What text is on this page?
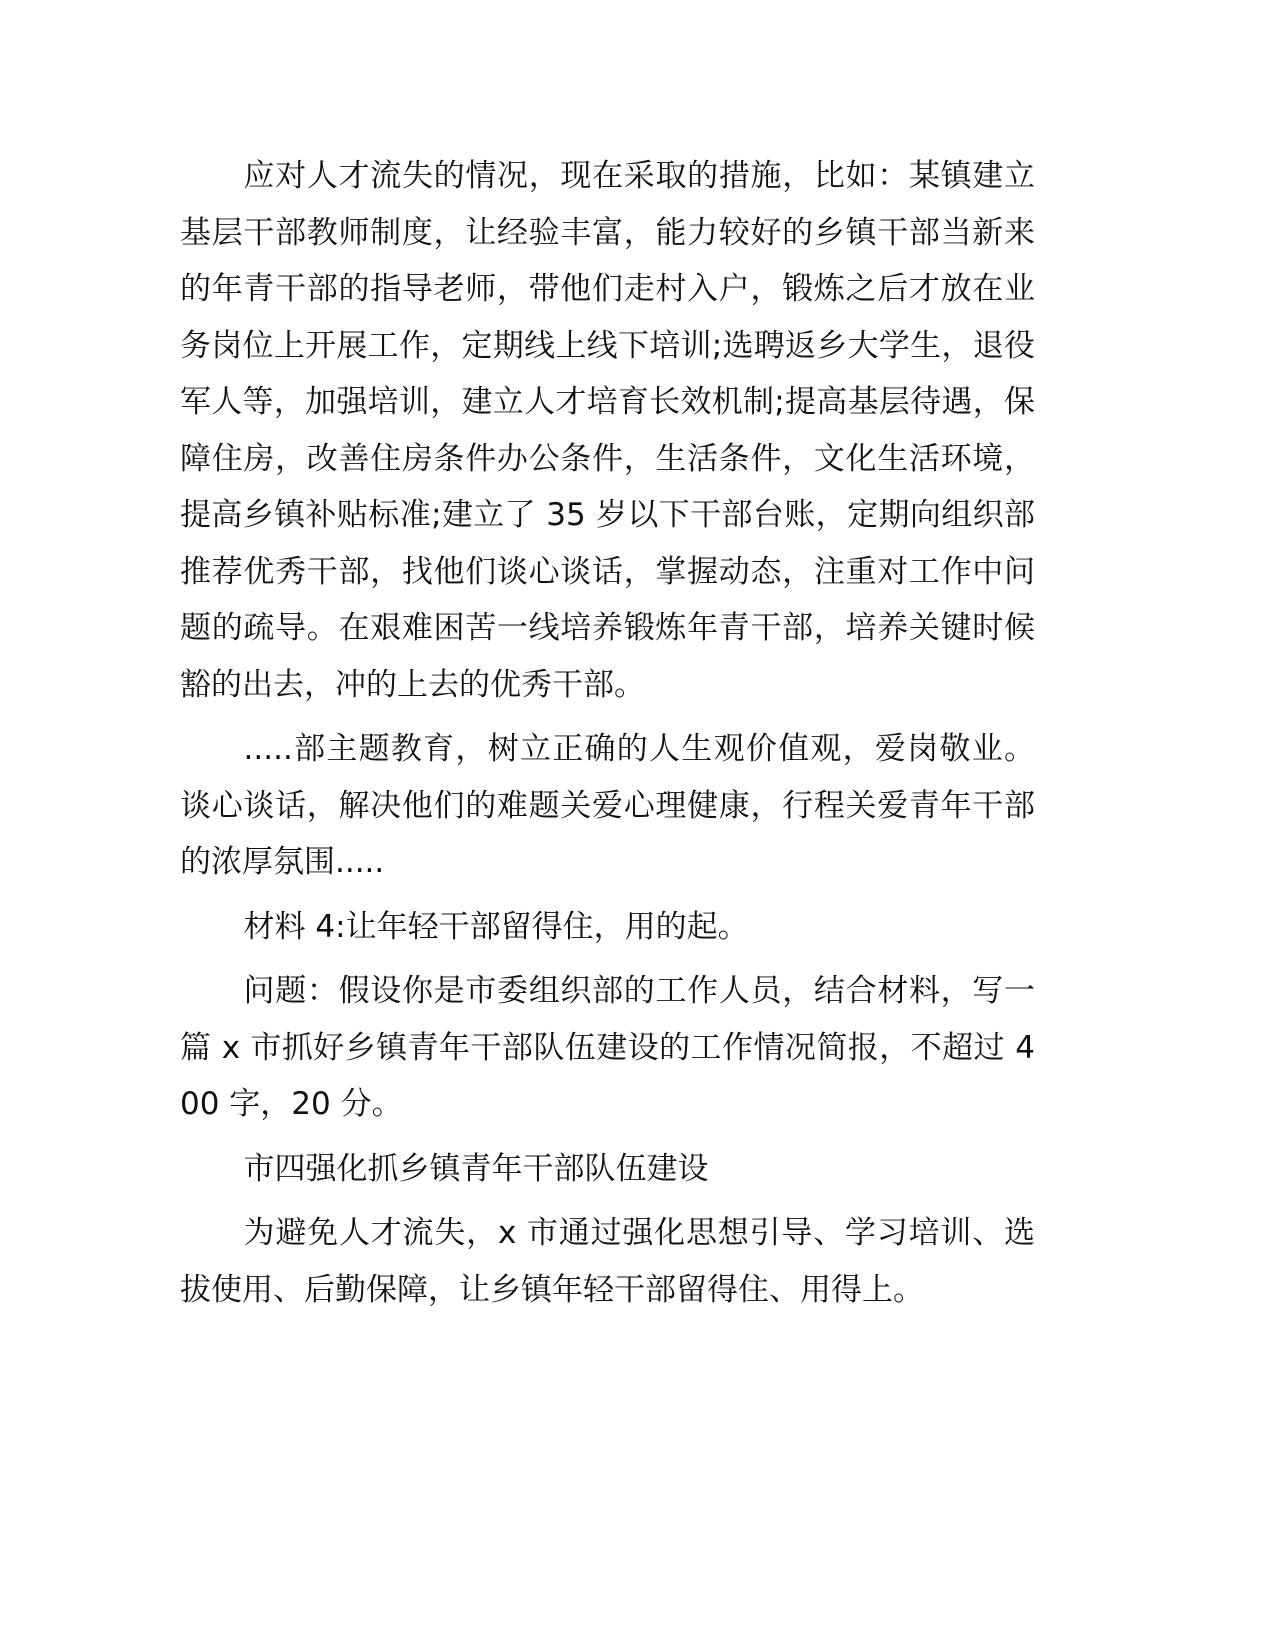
应对人才流失的情况，现在采取的措施，比如：某镇建立基层干部教师制度，让经验丰富，能力较好的乡镇干部当新来的年青干部的指导老师，带他们走村入户，锻炼之后才放在业务岗位上开展工作，定期线上线下培训;选聘返乡大学生，退役军人等，加强培训，建立人才培育长效机制;提高基层待遇，保障住房，改善住房条件办公条件，生活条件，文化生活环境，提高乡镇补贴标准;建立了 35 岁以下干部台账，定期向组织部推荐优秀干部，找他们谈心谈话，掌握动态，注重对工作中问题的疏导。在艰难困苦一线培养锻炼年青干部，培养关键时候豁的出去，冲的上去的优秀干部。

.....部主题教育，树立正确的人生观价值观，爱岗敬业。谈心谈话，解决他们的难题关爱心理健康，行程关爱青年干部的浓厚氛围.....

材料 4:让年轻干部留得住，用的起。

问题：假设你是市委组织部的工作人员，结合材料，写一篇 x 市抓好乡镇青年干部队伍建设的工作情况简报，不超过 400 字，20 分。

市四强化抓乡镇青年干部队伍建设

为避免人才流失，x 市通过强化思想引导、学习培训、选拔使用、后勤保障，让乡镇年轻干部留得住、用得上。
